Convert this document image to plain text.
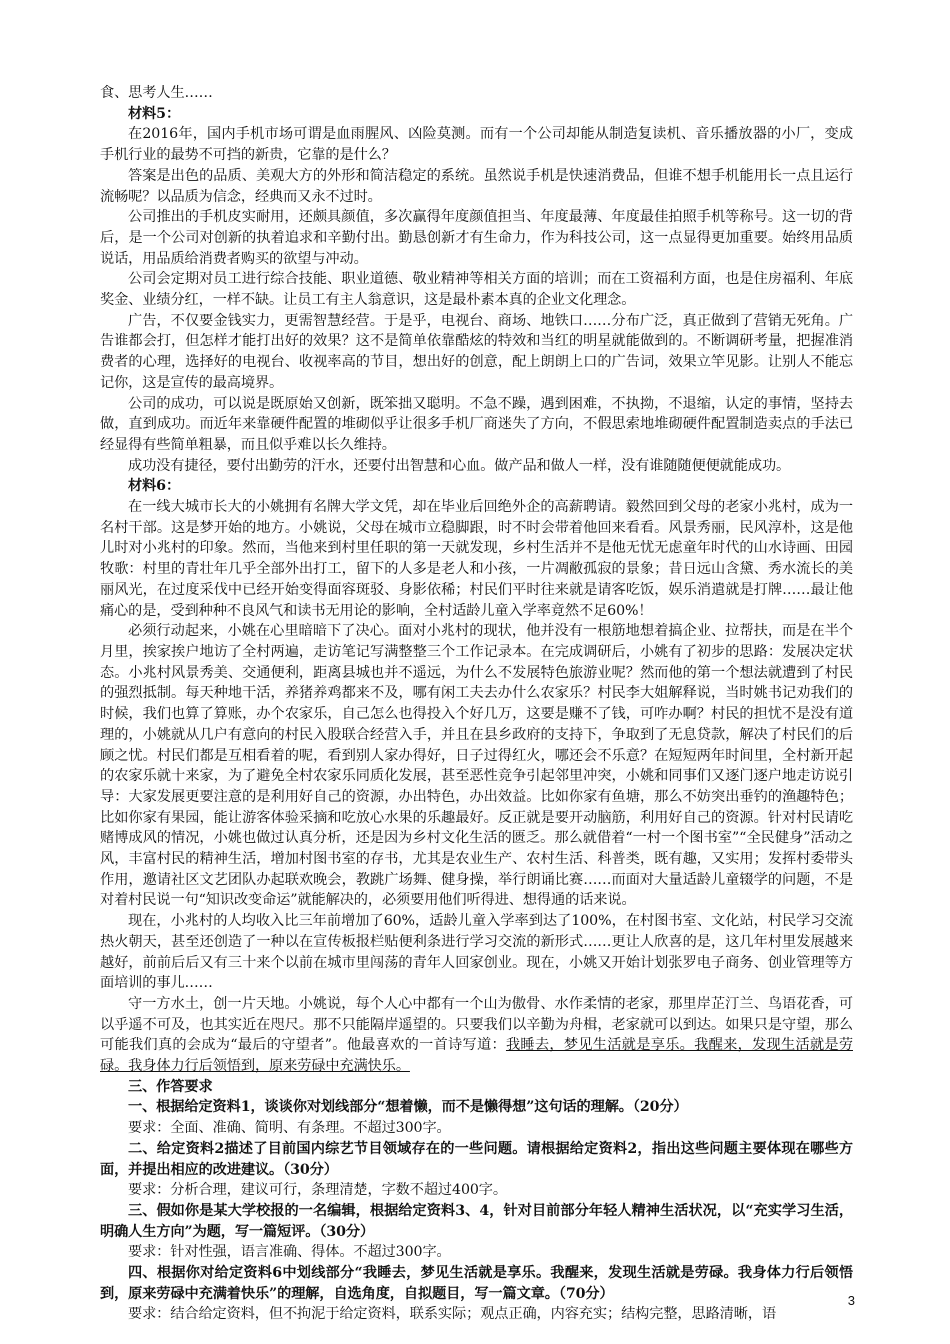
食、思考人生……

材料5：

在2016年，国内手机市场可谓是血雨腥风、凶险莫测。而有一个公司却能从制造复读机、音乐播放器的小厂，变成手机行业的最势不可挡的新贵，它靠的是什么？

答案是出色的品质、美观大方的外形和简洁稳定的系统。虽然说手机是快速消费品，但谁不想手机能用长一点且运行流畅呢？以品质为信念，经典而又永不过时。

公司推出的手机皮实耐用，还颇具颜值，多次赢得年度颜值担当、年度最薄、年度最佳拍照手机等称号。这一切的背后，是一个公司对创新的执着追求和辛勤付出。勤恳创新才有生命力，作为科技公司，这一点显得更加重要。始终用品质说话，用品质给消费者购买的欲望与冲动。

公司会定期对员工进行综合技能、职业道德、敬业精神等相关方面的培训；而在工资福利方面，也是住房福利、年底奖金、业绩分红，一样不缺。让员工有主人翁意识，这是最朴素本真的企业文化理念。

广告，不仅要金钱实力，更需智慧经营。于是乎，电视台、商场、地铁口……分布广泛，真正做到了营销无死角。广告谁都会打，但怎样才能打出好的效果？这不是简单依靠酷炫的特效和当红的明星就能做到的。不断调研考量，把握准消费者的心理，选择好的电视台、收视率高的节目，想出好的创意，配上朗朗上口的广告词，效果立竿见影。让别人不能忘记你，这是宣传的最高境界。

公司的成功，可以说是既原始又创新，既笨拙又聪明。不急不躁，遇到困难，不执拗，不退缩，认定的事情，坚持去做，直到成功。而近年来靠硬件配置的堆砌似乎让很多手机厂商迷失了方向，不假思索地堆砌硬件配置制造卖点的手法已经显得有些简单粗暴，而且似乎难以长久维持。

成功没有捷径，要付出勤劳的汗水，还要付出智慧和心血。做产品和做人一样，没有谁随随便便就能成功。

材料6：

在一线大城市长大的小姚拥有名牌大学文凭，却在毕业后回绝外企的高薪聘请。毅然回到父母的老家小兆村，成为一名村干部。这是梦开始的地方。小姚说，父母在城市立稳脚跟，时不时会带着他回来看看。风景秀丽，民风淳朴，这是他儿时对小兆村的印象。然而，当他来到村里任职的第一天就发现，乡村生活并不是他无忧无虑童年时代的山水诗画、田园牧歌：村里的青壮年几乎全部外出打工，留下的人多是老人和小孩，一片凋敝孤寂的景象；昔日远山含黛、秀水流长的美丽风光，在过度采伐中已经开始变得面容斑驳、身影依稀；村民们平时往来就是请客吃饭，娱乐消遣就是打牌……最让他痛心的是，受到种种不良风气和读书无用论的影响，全村适龄儿童入学率竟然不足60%！

必须行动起来，小姚在心里暗暗下了决心。面对小兆村的现状，他并没有一根筋地想着搞企业、拉帮扶，而是在半个月里，挨家挨户地访了全村两遍，走访笔记写满整整三个工作记录本。在完成调研后，小姚有了初步的思路：发展决定状态。小兆村风景秀美、交通便利，距离县城也并不遥远，为什么不发展特色旅游业呢？然而他的第一个想法就遭到了村民的强烈抵制。每天种地干活，养猪养鸡都来不及，哪有闲工夫去办什么农家乐？村民李大姐解释说，当时姚书记劝我们的时候，我们也算了算账，办个农家乐，自己怎么也得投入个好几万，这要是赚不了钱，可咋办啊？村民的担忧不是没有道理的，小姚就从几户有意向的村民入股联合经营入手，并且在县乡政府的支持下，争取到了无息贷款，解决了村民们的后顾之忧。村民们都是互相看着的呢，看到别人家办得好，日子过得红火，哪还会不乐意？在短短两年时间里，全村新开起的农家乐就十来家，为了避免全村农家乐同质化发展，甚至恶性竞争引起邻里冲突，小姚和同事们又逐门逐户地走访说引导：大家发展更要注意的是利用好自己的资源，办出特色，办出效益。比如你家有鱼塘，那么不妨突出垂钓的渔趣特色；比如你家有果园，能让游客体验采摘和吃放心水果的乐趣最好。反正就是要开动脑筋，利用好自己的资源。针对村民请吃赌博成风的情况，小姚也做过认真分析，还是因为乡村文化生活的匮乏。那么就借着“一村一个图书室”“全民健身”活动之风，丰富村民的精神生活，增加村图书室的存书，尤其是农业生产、农村生活、科普类，既有趣，又实用；发挥村委带头作用，邀请社区文艺团队办起联欢晚会，教跳广场舞、健身操，举行朗诵比赛……而面对大量适龄儿童辍学的问题，不是对着村民说一句“知识改变命运”就能解决的，必须要用他们听得进、想得通的话来说。

现在，小兆村的人均收入比三年前增加了60%，适龄儿童入学率到达了100%，在村图书室、文化站，村民学习交流热火朝天，甚至还创造了一种以在宣传板报栏贴便利条进行学习交流的新形式……更让人欣喜的是，这几年村里发展越来越好，前前后后又有三十来个以前在城市里闯荡的青年人回家创业。现在，小姚又开始计划张罗电子商务、创业管理等方面培训的事儿……

守一方水土，创一片天地。小姚说，每个人心中都有一个山为傲骨、水作柔情的老家，那里岸芷汀兰、鸟语花香，可以乎遥不可及，也其实近在咫尺。那不只能隔岸遥望的。只要我们以辛勤为舟楫，老家就可以到达。如果只是守望，那么可能我们真的会成为“最后的守望者”。他最喜欢的一首诗写道：我睡去，梦见生活就是享乐。我醒来，发现生活就是劳碌。我身体力行后领悟到，原来劳碌中充满快乐。

三、作答要求

一、根据给定资料1，谈谈你对划线部分“想着懒，而不是懒得想”这句话的理解。（20分）

要求：全面、准确、简明、有条理。不超过300字。

二、给定资料2描述了目前国内综艺节目领域存在的一些问题。请根据给定资料2，指出这些问题主要体现在哪些方面，并提出相应的改进建议。（30分）

要求：分析合理，建议可行，条理清楚，字数不超过400字。

三、假如你是某大学校报的一名编辑，根据给定资料3、4，针对目前部分年轻人精神生活状况，以“充实学习生活，明确人生方向”为题，写一篇短评。（30分）

要求：针对性强，语言准确、得体。不超过300字。

四、根据你对给定资料6中划线部分“我睡去，梦见生活就是享乐。我醒来，发现生活就是劳碌。我身体力行后领悟到，原来劳碌中充满着快乐”的理解，自选角度，自拟题目，写一篇文章。（70分）

要求：结合给定资料，但不拘泥于给定资料，联系实际；观点正确，内容充实；结构完整，思路清晰，语

3
